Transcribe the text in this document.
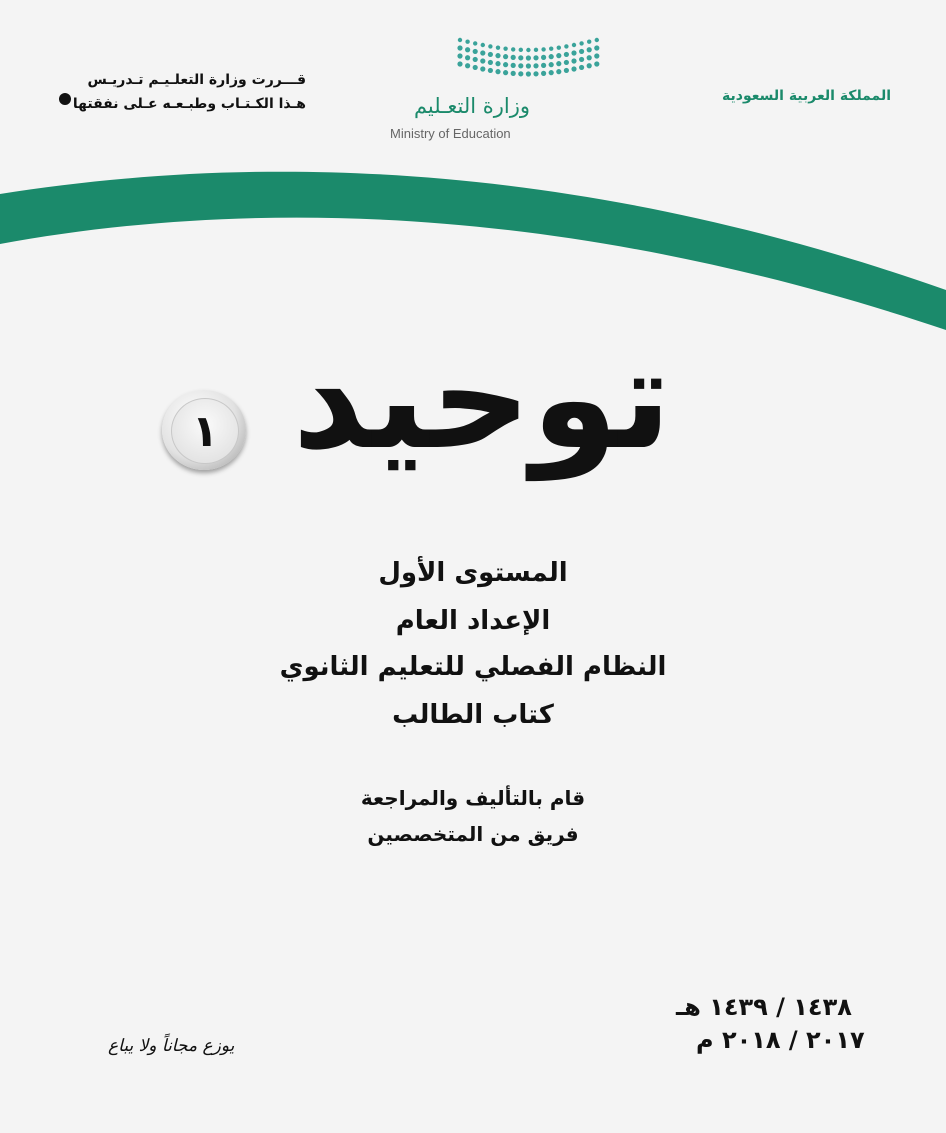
المملكة العربية السعودية
وزارة التعـليم
Ministry of Education
قـــررت وزارة التعلـيـم تـدريـس
هـذا الكـتـاب وطبـعـه عـلى نفقتها
توحيد
١
المستوى الأول
الإعداد العام
النظام الفصلي للتعليم الثانوي
كتاب الطالب
قام بالتأليف والمراجعة
فريق من المتخصصين
يوزع مجاناً ولا يباع
١٤٣٨ / ١٤٣٩ هـ
٢٠١٧ / ٢٠١٨ م
